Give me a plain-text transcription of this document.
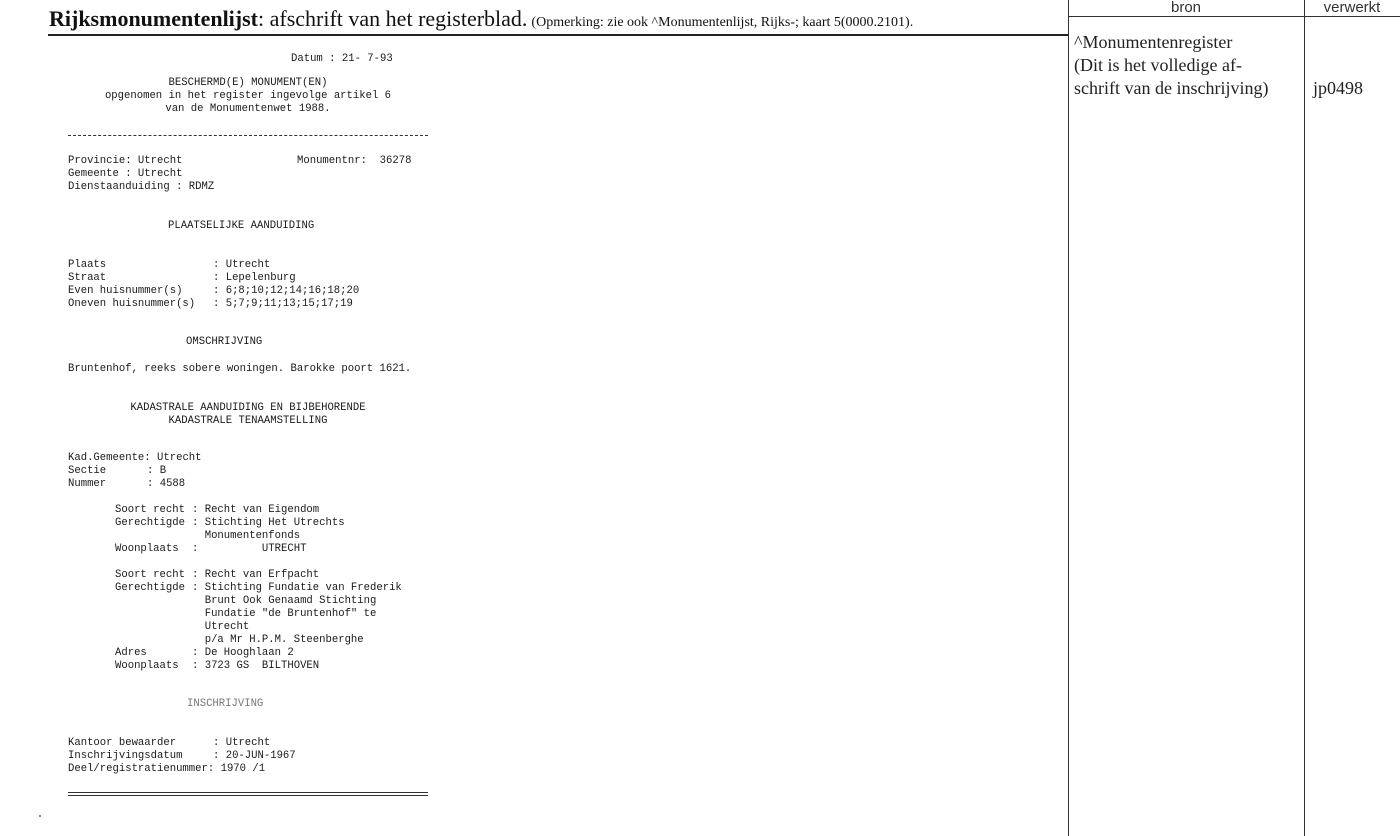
Rijksmonumentenlijst: afschrift van het registerblad. (Opmerking: zie ook ^Monumentenlijst, Rijks-; kaart 5(0000.2101).
bron	verwerkt
^Monumentenregister
(Dit is het volledige af-
schrift van de inschrijving)	jp0498
Datum : 21- 7-93
BESCHERMD(E) MONUMENT(EN)
opgenomen in het register ingevolge artikel 6
van de Monumentenwet 1988.
Provincie: Utrecht	Monumentnr:  36278
Gemeente : Utrecht
Dienstaanduiding : RDMZ
PLAATSELIJKE AANDUIDING
Plaats	: Utrecht
Straat	: Lepelenburg
Even huisnummer(s)	: 6;8;10;12;14;16;18;20
Oneven huisnummer(s)	: 5;7;9;11;13;15;17;19
OMSCHRIJVING
Bruntenhof, reeks sobere woningen. Barokke poort 1621.
KADASTRALE AANDUIDING EN BIJBEHORENDE
KADASTRALE TENAAMSTELLING
Kad.Gemeente : Utrecht
Sectie	: B
Nummer	: 4588
Soort recht : Recht van Eigendom
Gerechtigde : Stichting Het Utrechts
Monumentenfonds
Woonplaats	:          UTRECHT
Soort recht : Recht van Erfpacht
Gerechtigde : Stichting Fundatie van Frederik
Brunt Ook Genaamd Stichting
Fundatie "de Bruntenhof" te
Utrecht
p/a Mr H.P.M. Steenberghe
Adres	: De Hooghlaan 2
Woonplaats	: 3723 GS  BILTHOVEN
INSCHRIJVING
Kantoor bewaarder	: Utrecht
Inschrijvingsdatum	: 20-JUN-1967
Deel/registratienummer : 1970 /1
